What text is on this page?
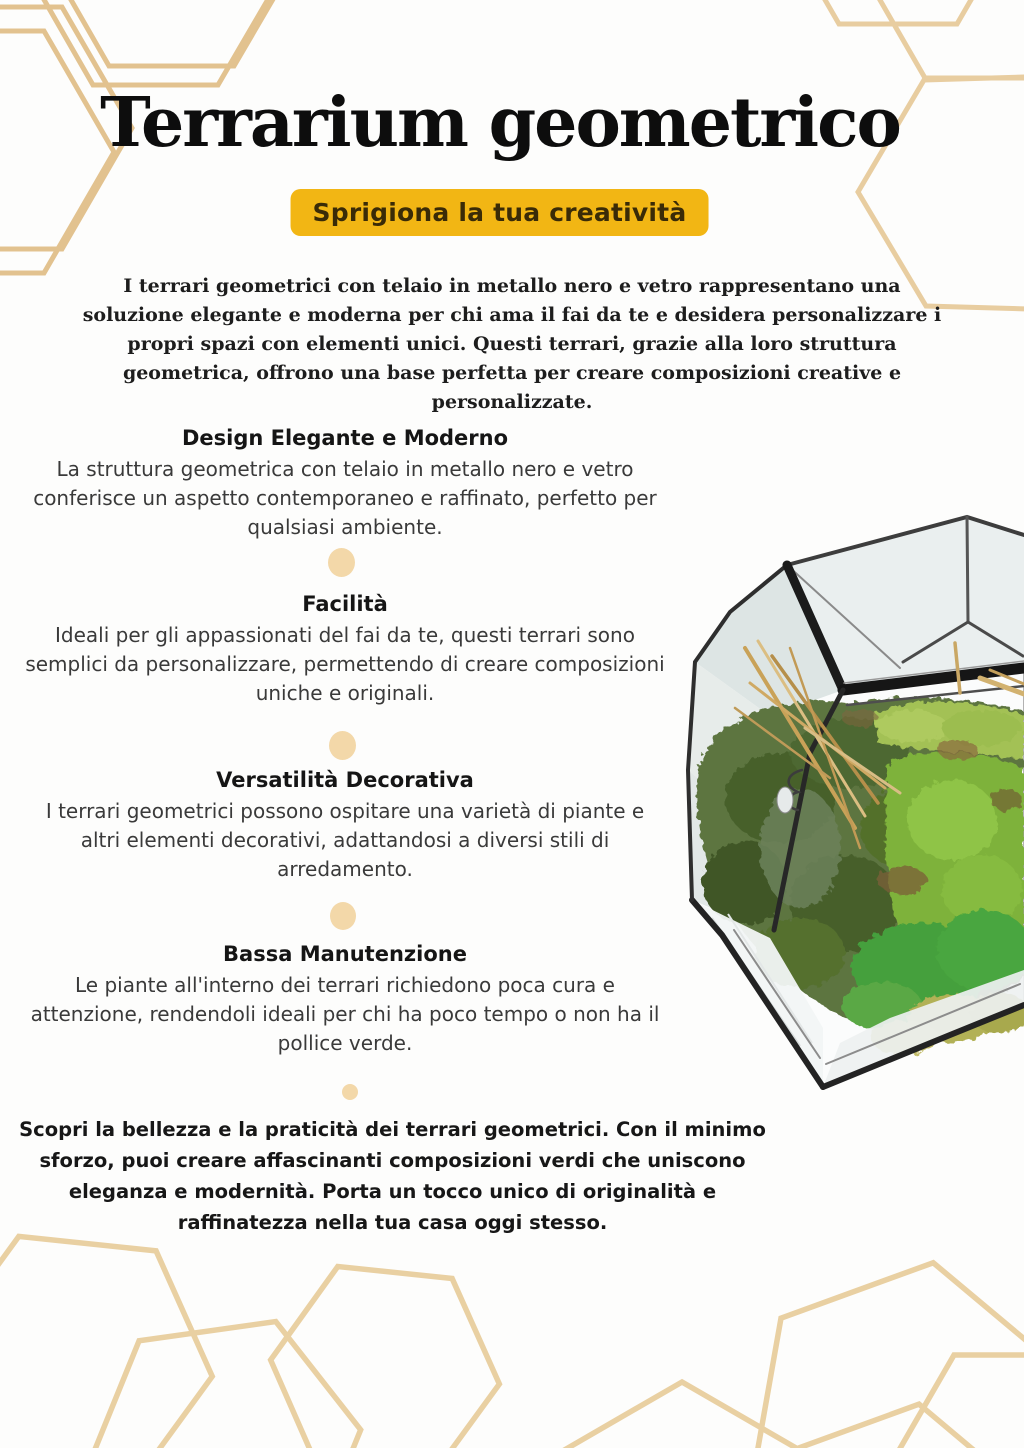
Terrarium geometrico
Sprigiona la tua creatività
I terrari geometrici con telaio in metallo nero e vetro rappresentano una soluzione elegante e moderna per chi ama il fai da te e desidera personalizzare i propri spazi con elementi unici. Questi terrari, grazie alla loro struttura geometrica, offrono una base perfetta per creare composizioni creative e personalizzate.
Design Elegante e Moderno

La struttura geometrica con telaio in metallo nero e vetro conferisce un aspetto contemporaneo e raffinato, perfetto per qualsiasi ambiente.

Facilità

Ideali per gli appassionati del fai da te, questi terrari sono semplici da personalizzare, permettendo di creare composizioni uniche e originali.

Versatilità Decorativa

I terrari geometrici possono ospitare una varietà di piante e altri elementi decorativi, adattandosi a diversi stili di arredamento.

Bassa Manutenzione

Le piante all'interno dei terrari richiedono poca cura e attenzione, rendendoli ideali per chi ha poco tempo o non ha il pollice verde.

Scopri la bellezza e la praticità dei terrari geometrici. Con il minimo sforzo, puoi creare affascinanti composizioni verdi che uniscono eleganza e modernità. Porta un tocco unico di originalità e raffinatezza nella tua casa oggi stesso.
